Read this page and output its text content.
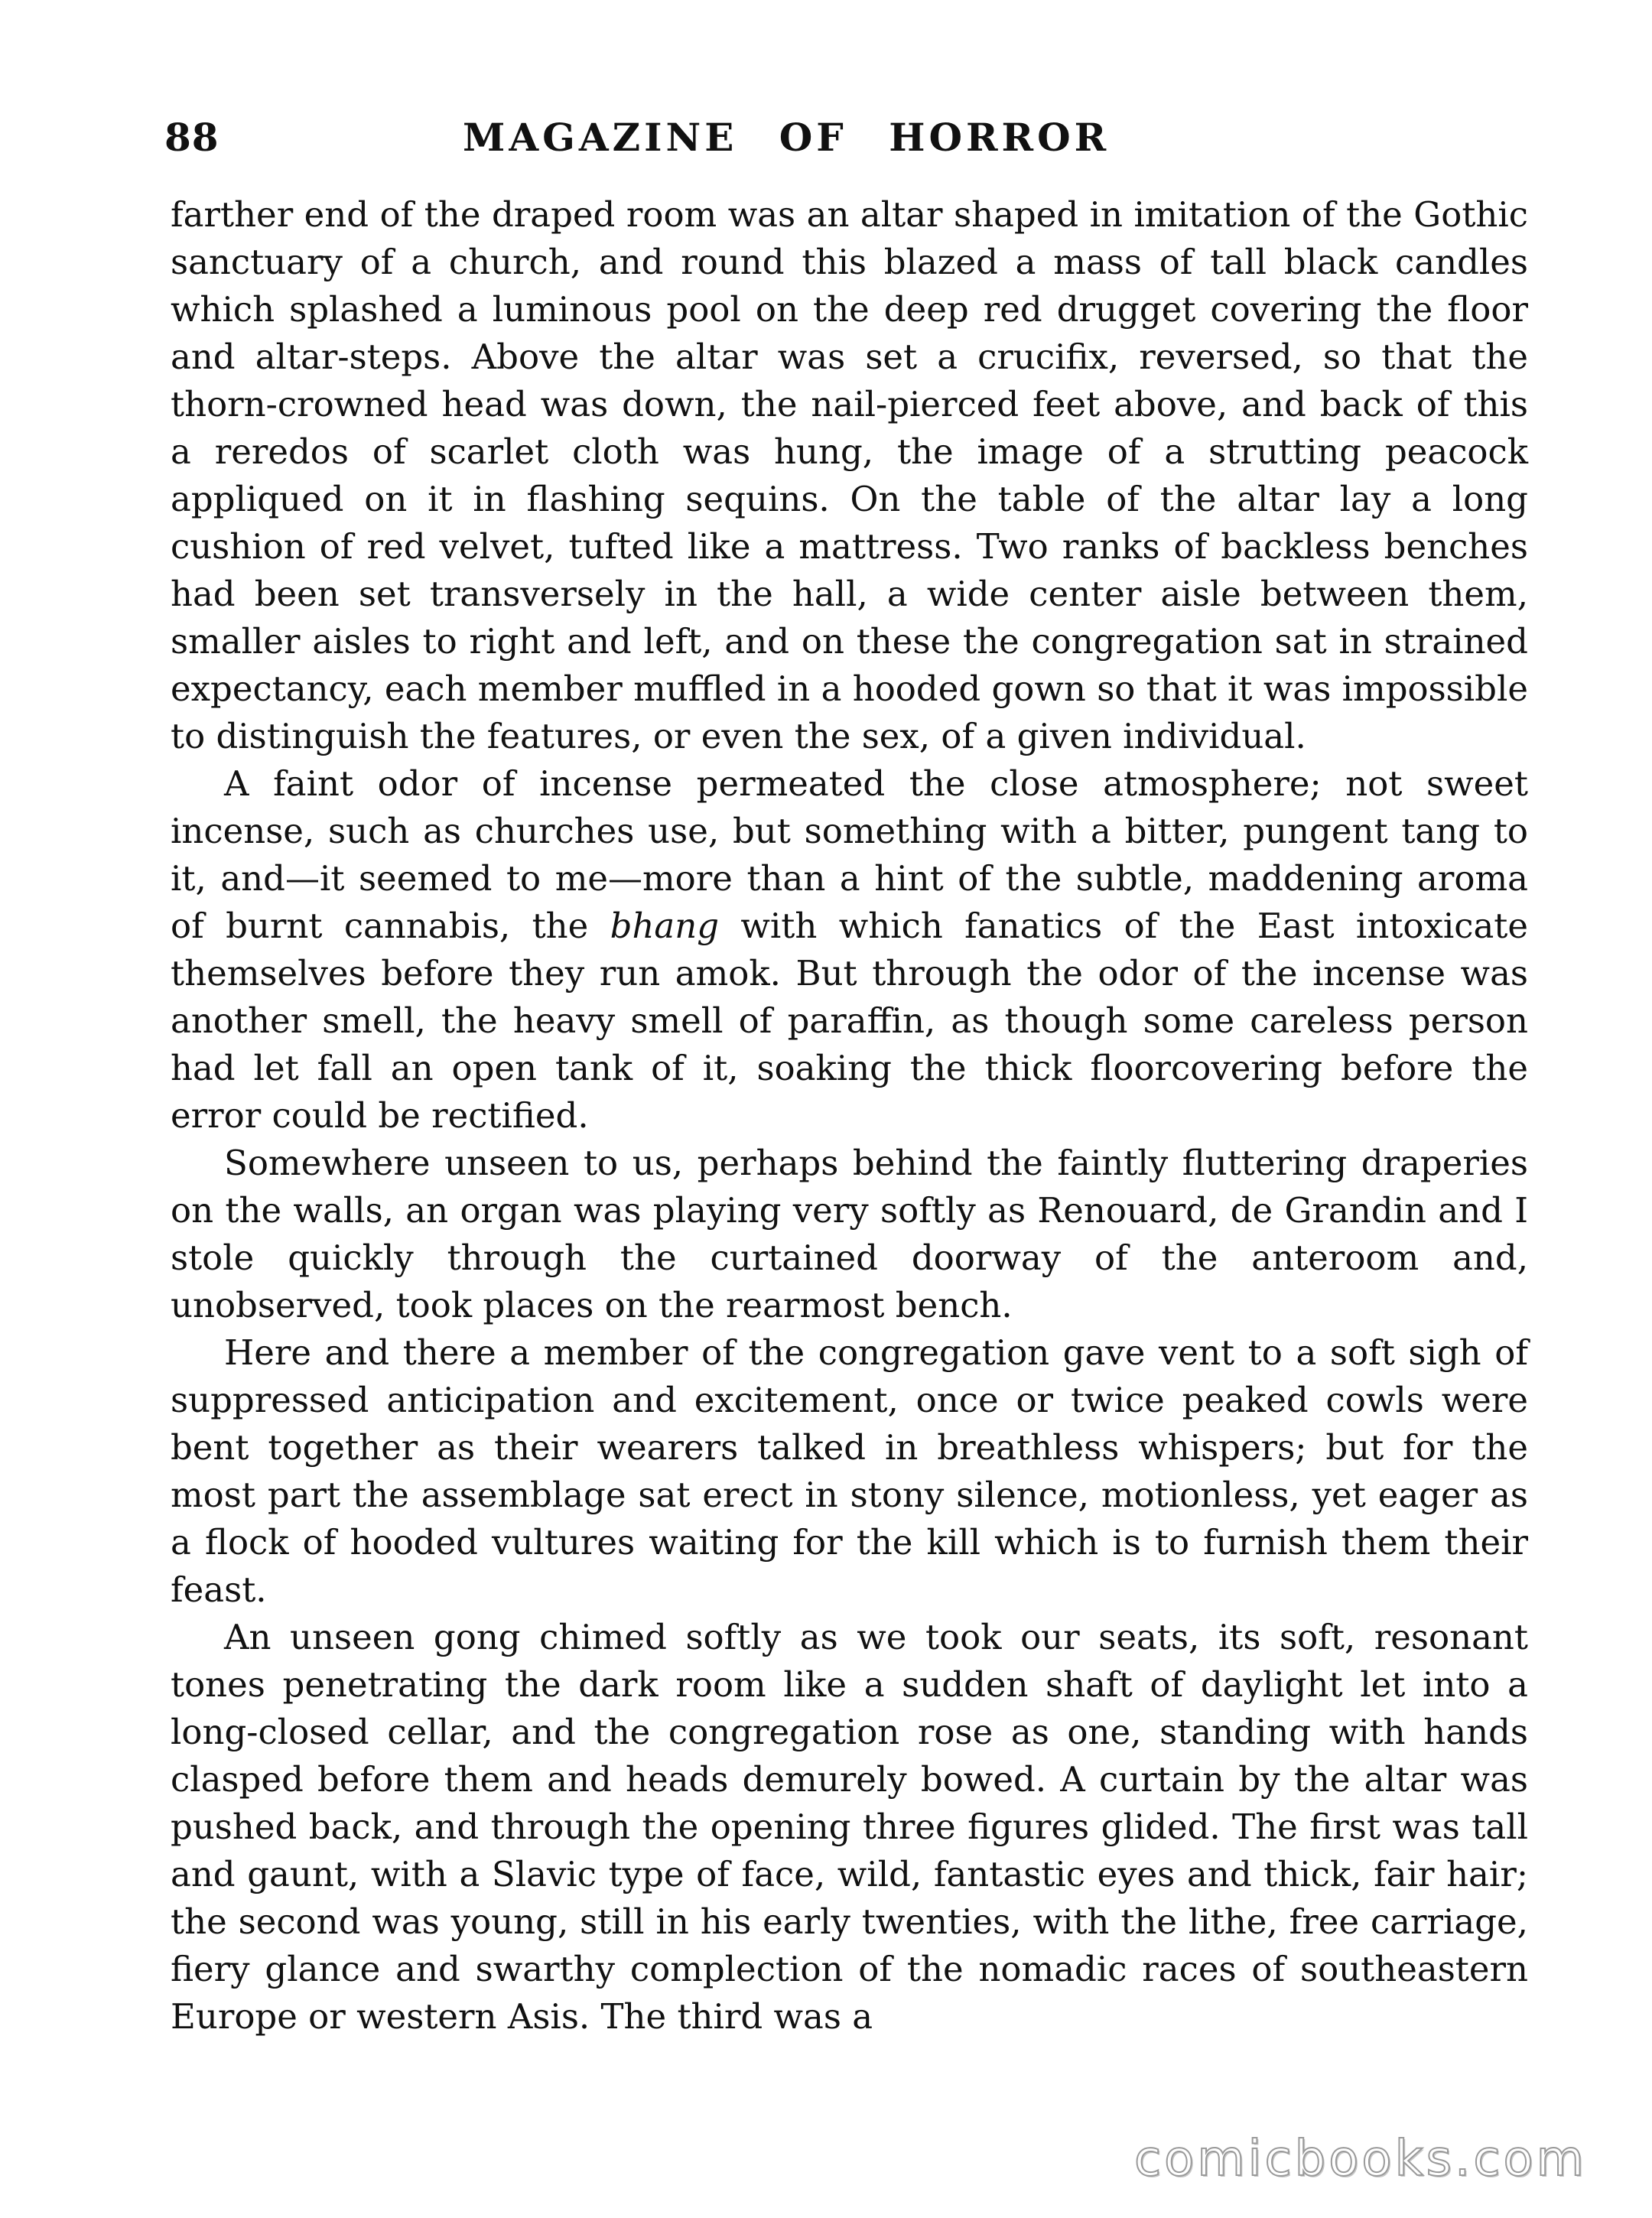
88	MAGAZINE OF HORROR

farther end of the draped room was an altar shaped in imitation of the Gothic sanctuary of a church, and round this blazed a mass of tall black candles which splashed a luminous pool on the deep red drugget covering the floor and altar-steps. Above the altar was set a crucifix, reversed, so that the thorn-crowned head was down, the nail-pierced feet above, and back of this a reredos of scarlet cloth was hung, the image of a strutting peacock appliqued on it in flashing sequins. On the table of the altar lay a long cushion of red velvet, tufted like a mattress. Two ranks of backless benches had been set transversely in the hall, a wide center aisle between them, smaller aisles to right and left, and on these the congregation sat in strained expectancy, each member muffled in a hooded gown so that it was impossible to distinguish the features, or even the sex, of a given individual.

A faint odor of incense permeated the close atmosphere; not sweet incense, such as churches use, but something with a bitter, pungent tang to it, and—it seemed to me—more than a hint of the subtle, maddening aroma of burnt cannabis, the bhang with which fanatics of the East intoxicate themselves before they run amok. But through the odor of the incense was another smell, the heavy smell of paraffin, as though some careless person had let fall an open tank of it, soaking the thick floorcovering before the error could be rectified.

Somewhere unseen to us, perhaps behind the faintly fluttering draperies on the walls, an organ was playing very softly as Renouard, de Grandin and I stole quickly through the curtained doorway of the anteroom and, unobserved, took places on the rearmost bench.

Here and there a member of the congregation gave vent to a soft sigh of suppressed anticipation and excitement, once or twice peaked cowls were bent together as their wearers talked in breathless whispers; but for the most part the assemblage sat erect in stony silence, motionless, yet eager as a flock of hooded vultures waiting for the kill which is to furnish them their feast.

An unseen gong chimed softly as we took our seats, its soft, resonant tones penetrating the dark room like a sudden shaft of daylight let into a long-closed cellar, and the congregation rose as one, standing with hands clasped before them and heads demurely bowed. A curtain by the altar was pushed back, and through the opening three figures glided. The first was tall and gaunt, with a Slavic type of face, wild, fantastic eyes and thick, fair hair; the second was young, still in his early twenties, with the lithe, free carriage, fiery glance and swarthy complection of the nomadic races of southeastern Europe or western Asis. The third was a

comicbooks.com
